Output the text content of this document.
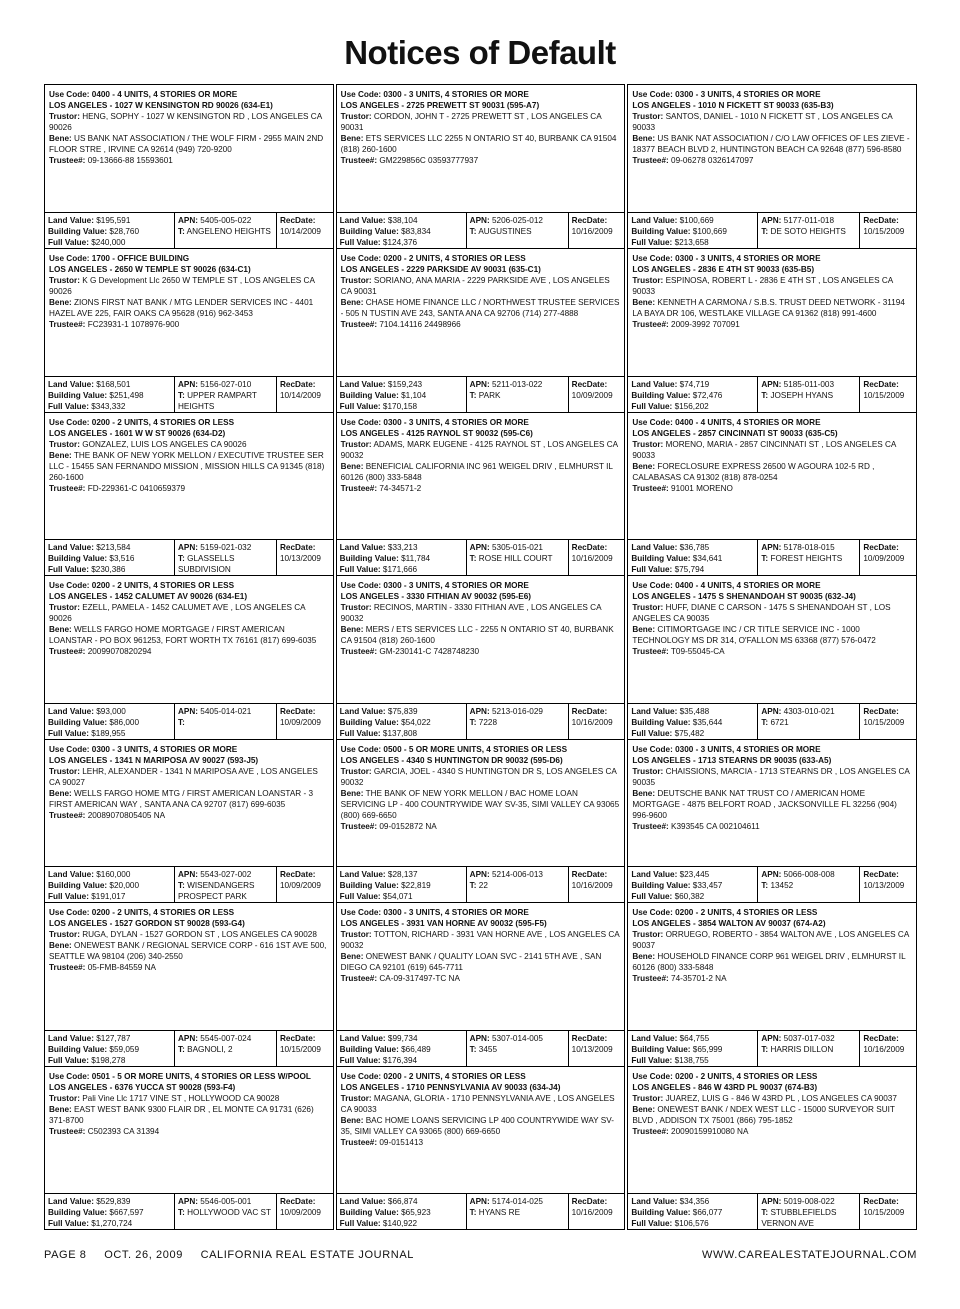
Notices of Default
Use Code: 0400 - 4 UNITS, 4 STORIES OR MORE
LOS ANGELES - 1027 W KENSINGTON RD 90026 (634-E1)
Trustor: HENG, SOPHY - 1027 W KENSINGTON RD , LOS ANGELES CA 90026
Bene: US BANK NAT ASSOCIATION / THE WOLF FIRM - 2955 MAIN 2ND FLOOR STRE , IRVINE CA 92614 (949) 720-9200
Trustee#: 09-13666-88 15593601
Land Value: $195,591
Building Value: $28,760
Full Value: $240,000
APN: 5405-005-022
T: ANGELENO HEIGHTS
RecDate:
10/14/2009
Use Code: 1700 - OFFICE BUILDING
LOS ANGELES - 2650 W TEMPLE ST 90026 (634-C1)
Trustor: K G Development Llc 2650 W TEMPLE ST , LOS ANGELES CA 90026
Bene: ZIONS FIRST NAT BANK / MTG LENDER SERVICES INC - 4401 HAZEL AVE 225, FAIR OAKS CA 95628 (916) 962-3453
Trustee#: FC23931-1 1078976-900
Land Value: $168,501
Building Value: $251,498
Full Value: $343,332
APN: 5156-027-010
T: UPPER RAMPART HEIGHTS
RecDate:
10/14/2009
Use Code: 0200 - 2 UNITS, 4 STORIES OR LESS
LOS ANGELES - 1601 W W ST 90026 (634-D2)
Trustor: GONZALEZ, LUIS LOS ANGELES CA 90026
Bene: THE BANK OF NEW YORK MELLON / EXECUTIVE TRUSTEE SER LLC - 15455 SAN FERNANDO MISSION , MISSION HILLS CA 91345 (818) 260-1600
Trustee#: FD-229361-C 0410659379
Land Value: $213,584
Building Value: $3,516
Full Value: $230,386
APN: 5159-021-032
T: GLASSELLS SUBDIVISION
RecDate:
10/13/2009
Use Code: 0200 - 2 UNITS, 4 STORIES OR LESS
LOS ANGELES - 1452 CALUMET AV 90026 (634-E1)
Trustor: EZELL, PAMELA - 1452 CALUMET AVE , LOS ANGELES CA 90026
Bene: WELLS FARGO HOME MORTGAGE / FIRST AMERICAN LOANSTAR - PO BOX 961253, FORT WORTH TX 76161 (817) 699-6035
Trustee#: 20099070820294
Land Value: $93,000
Building Value: $86,000
Full Value: $189,955
APN: 5405-014-021
T:
RecDate:
10/09/2009
Use Code: 0300 - 3 UNITS, 4 STORIES OR MORE
LOS ANGELES - 1341 N MARIPOSA AV 90027 (593-J5)
Trustor: LEHR, ALEXANDER - 1341 N MARIPOSA AVE , LOS ANGELES CA 90027
Bene: WELLS FARGO HOME MTG / FIRST AMERICAN LOANSTAR - 3 FIRST AMERICAN WAY , SANTA ANA CA 92707 (817) 699-6035
Trustee#: 20089070805405 NA
Land Value: $160,000
Building Value: $20,000
Full Value: $191,017
APN: 5543-027-002
T: WISENDANGERS PROSPECT PARK
RecDate:
10/09/2009
Use Code: 0200 - 2 UNITS, 4 STORIES OR LESS
LOS ANGELES - 1527 GORDON ST 90028 (593-G4)
Trustor: RUGA, DYLAN - 1527 GORDON ST , LOS ANGELES CA 90028
Bene: ONEWEST BANK / REGIONAL SERVICE CORP - 616 1ST AVE 500, SEATTLE WA 98104 (206) 340-2550
Trustee#: 05-FMB-84559 NA
Land Value: $127,787
Building Value: $59,059
Full Value: $198,278
APN: 5545-007-024
T: BAGNOLI, 2
RecDate:
10/15/2009
Use Code: 0501 - 5 OR MORE UNITS, 4 STORIES OR LESS W/POOL
LOS ANGELES - 6376 YUCCA ST 90028 (593-F4)
Trustor: Pali Vine Llc 1717 VINE ST , HOLLYWOOD CA 90028
Bene: EAST WEST BANK 9300 FLAIR DR , EL MONTE CA 91731 (626) 371-8700
Trustee#: C502393 CA 31394
Land Value: $529,839
Building Value: $667,597
Full Value: $1,270,724
APN: 5546-005-001
T: HOLLYWOOD VAC ST
RecDate:
10/09/2009
Use Code: 0300 - 3 UNITS, 4 STORIES OR MORE
LOS ANGELES - 2725 PREWETT ST 90031 (595-A7)
Trustor: CORDON, JOHN T - 2725 PREWETT ST , LOS ANGELES CA 90031
Bene: ETS SERVICES LLC 2255 N ONTARIO ST 40, BURBANK CA 91504 (818) 260-1600
Trustee#: GM229856C 03593777937
Land Value: $38,104
Building Value: $83,834
Full Value: $124,376
APN: 5206-025-012
T: AUGUSTINES
RecDate:
10/16/2009
Use Code: 0200 - 2 UNITS, 4 STORIES OR LESS
LOS ANGELES - 2229 PARKSIDE AV 90031 (635-C1)
Trustor: SORIANO, ANA MARIA - 2229 PARKSIDE AVE , LOS ANGELES CA 90031
Bene: CHASE HOME FINANCE LLC / NORTHWEST TRUSTEE SERVICES - 505 N TUSTIN AVE 243, SANTA ANA CA 92706 (714) 277-4888
Trustee#: 7104.14116 24498966
Land Value: $159,243
Building Value: $1,104
Full Value: $170,158
APN: 5211-013-022
T: PARK
RecDate:
10/09/2009
Use Code: 0300 - 3 UNITS, 4 STORIES OR MORE
LOS ANGELES - 4125 RAYNOL ST 90032 (595-C6)
Trustor: ADAMS, MARK EUGENE - 4125 RAYNOL ST , LOS ANGELES CA 90032
Bene: BENEFICIAL CALIFORNIA INC 961 WEIGEL DRIV , ELMHURST IL 60126 (800) 333-5848
Trustee#: 74-34571-2
Land Value: $33,213
Building Value: $11,784
Full Value: $171,666
APN: 5305-015-021
T: ROSE HILL COURT
RecDate:
10/16/2009
Use Code: 0300 - 3 UNITS, 4 STORIES OR MORE
LOS ANGELES - 3330 FITHIAN AV 90032 (595-E6)
Trustor: RECINOS, MARTIN - 3330 FITHIAN AVE , LOS ANGELES CA 90032
Bene: MERS / ETS SERVICES LLC - 2255 N ONTARIO ST 40, BURBANK CA 91504 (818) 260-1600
Trustee#: GM-230141-C 7428748230
Land Value: $75,839
Building Value: $54,022
Full Value: $137,808
APN: 5213-016-029
T: 7228
RecDate:
10/16/2009
Use Code: 0500 - 5 OR MORE UNITS, 4 STORIES OR LESS
LOS ANGELES - 4340 S HUNTINGTON DR 90032 (595-D6)
Trustor: GARCIA, JOEL - 4340 S HUNTINGTON DR S, LOS ANGELES CA 90032
Bene: THE BANK OF NEW YORK MELLON / BAC HOME LOAN SERVICING LP - 400 COUNTRYWIDE WAY SV-35, SIMI VALLEY CA 93065 (800) 669-6650
Trustee#: 09-0152872 NA
Land Value: $28,137
Building Value: $22,819
Full Value: $54,071
APN: 5214-006-013
T: 22
RecDate:
10/16/2009
Use Code: 0300 - 3 UNITS, 4 STORIES OR MORE
LOS ANGELES - 3931 VAN HORNE AV 90032 (595-F5)
Trustor: TOTTON, RICHARD - 3931 VAN HORNE AVE , LOS ANGELES CA 90032
Bene: ONEWEST BANK / QUALITY LOAN SVC - 2141 5TH AVE , SAN DIEGO CA 92101 (619) 645-7711
Trustee#: CA-09-317497-TC NA
Land Value: $99,734
Building Value: $66,489
Full Value: $176,394
APN: 5307-014-005
T: 3455
RecDate:
10/13/2009
Use Code: 0200 - 2 UNITS, 4 STORIES OR LESS
LOS ANGELES - 1710 PENNSYLVANIA AV 90033 (634-J4)
Trustor: MAGANA, GLORIA - 1710 PENNSYLVANIA AVE , LOS ANGELES CA 90033
Bene: BAC HOME LOANS SERVICING LP 400 COUNTRYWIDE WAY SV-35, SIMI VALLEY CA 93065 (800) 669-6650
Trustee#: 09-0151413
Land Value: $66,874
Building Value: $65,923
Full Value: $140,922
APN: 5174-014-025
T: HYANS RE
RecDate:
10/16/2009
Use Code: 0300 - 3 UNITS, 4 STORIES OR MORE
LOS ANGELES - 1010 N FICKETT ST 90033 (635-B3)
Trustor: SANTOS, DANIEL - 1010 N FICKETT ST , LOS ANGELES CA 90033
Bene: US BANK NAT ASSOCIATION / C/O LAW OFFICES OF LES ZIEVE - 18377 BEACH BLVD 2, HUNTINGTON BEACH CA 92648 (877) 596-8580
Trustee#: 09-06278 0326147097
Land Value: $100,669
Building Value: $100,669
Full Value: $213,658
APN: 5177-011-018
T: DE SOTO HEIGHTS
RecDate:
10/15/2009
Use Code: 0300 - 3 UNITS, 4 STORIES OR MORE
LOS ANGELES - 2836 E 4TH ST 90033 (635-B5)
Trustor: ESPINOSA, ROBERT L - 2836 E 4TH ST , LOS ANGELES CA 90033
Bene: KENNETH A CARMONA / S.B.S. TRUST DEED NETWORK - 31194 LA BAYA DR 106, WESTLAKE VILLAGE CA 91362 (818) 991-4600
Trustee#: 2009-3992 707091
Land Value: $74,719
Building Value: $72,476
Full Value: $156,202
APN: 5185-011-003
T: JOSEPH HYANS
RecDate:
10/15/2009
Use Code: 0400 - 4 UNITS, 4 STORIES OR MORE
LOS ANGELES - 2857 CINCINNATI ST 90033 (635-C5)
Trustor: MORENO, MARIA - 2857 CINCINNATI ST , LOS ANGELES CA 90033
Bene: FORECLOSURE EXPRESS 26500 W AGOURA 102-5 RD , CALABASAS CA 91302 (818) 878-0254
Trustee#: 91001 MORENO
Land Value: $36,785
Building Value: $34,641
Full Value: $75,794
APN: 5178-018-015
T: FOREST HEIGHTS
RecDate:
10/09/2009
Use Code: 0400 - 4 UNITS, 4 STORIES OR MORE
LOS ANGELES - 1475 S SHENANDOAH ST 90035 (632-J4)
Trustor: HUFF, DIANE C CARSON - 1475 S SHENANDOAH ST , LOS ANGELES CA 90035
Bene: CITIMORTGAGE INC / CR TITLE SERVICE INC - 1000 TECHNOLOGY MS DR 314, O'FALLON MS 63368 (877) 576-0472
Trustee#: T09-55045-CA
Land Value: $35,488
Building Value: $35,644
Full Value: $75,482
APN: 4303-010-021
T: 6721
RecDate:
10/15/2009
Use Code: 0300 - 3 UNITS, 4 STORIES OR MORE
LOS ANGELES - 1713 STEARNS DR 90035 (633-A5)
Trustor: CHAISSIONS, MARCIA - 1713 STEARNS DR , LOS ANGELES CA 90035
Bene: DEUTSCHE BANK NAT TRUST CO / AMERICAN HOME MORTGAGE - 4875 BELFORT ROAD , JACKSONVILLE FL 32256 (904) 996-9600
Trustee#: K393545 CA 002104611
Land Value: $23,445
Building Value: $33,457
Full Value: $60,382
APN: 5066-008-008
T: 13452
RecDate:
10/13/2009
Use Code: 0200 - 2 UNITS, 4 STORIES OR LESS
LOS ANGELES - 3854 WALTON AV 90037 (674-A2)
Trustor: ORRUEGO, ROBERTO - 3854 WALTON AVE , LOS ANGELES CA 90037
Bene: HOUSEHOLD FINANCE CORP 961 WEIGEL DRIV , ELMHURST IL 60126 (800) 333-5848
Trustee#: 74-35701-2 NA
Land Value: $64,755
Building Value: $65,999
Full Value: $138,755
APN: 5037-017-032
T: HARRIS DILLON
RecDate:
10/16/2009
Use Code: 0200 - 2 UNITS, 4 STORIES OR LESS
LOS ANGELES - 846 W 43RD PL 90037 (674-B3)
Trustor: JUAREZ, LUIS G - 846 W 43RD PL , LOS ANGELES CA 90037
Bene: ONEWEST BANK / NDEX WEST LLC - 15000 SURVEYOR SUIT BLVD , ADDISON TX 75001 (866) 795-1852
Trustee#: 20090159910080 NA
Land Value: $34,356
Building Value: $66,077
Full Value: $106,576
APN: 5019-008-022
T: STUBBLEFIELDS VERNON AVE
RecDate:
10/15/2009
PAGE 8 OCT. 26, 2009 CALIFORNIA REAL ESTATE JOURNAL	WWW.CAREALESTATEJOURNAL.COM
